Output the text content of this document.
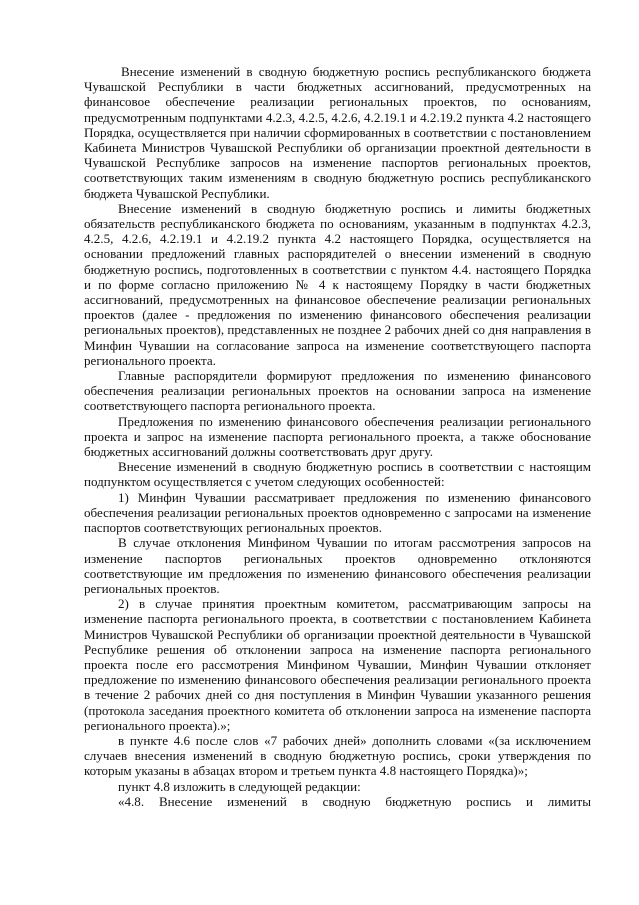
Внесение изменений в сводную бюджетную роспись республиканского бюджета Чувашской Республики в части бюджетных ассигнований, предусмотренных на финансовое обеспечение реализации региональных проектов, по основаниям, предусмотренным подпунктами 4.2.3, 4.2.5, 4.2.6, 4.2.19.1 и 4.2.19.2 пункта 4.2 настоящего Порядка, осуществляется при наличии сформированных в соответствии с постановлением Кабинета Министров Чувашской Республики об организации проектной деятельности в Чувашской Республике запросов на изменение паспортов региональных проектов, соответствующих таким изменениям в сводную бюджетную роспись республиканского бюджета Чувашской Республики.

Внесение изменений в сводную бюджетную роспись и лимиты бюджетных обязательств республиканского бюджета по основаниям, указанным в подпунктах 4.2.3, 4.2.5, 4.2.6, 4.2.19.1 и 4.2.19.2 пункта 4.2 настоящего Порядка, осуществляется на основании предложений главных распорядителей о внесении изменений в сводную бюджетную роспись, подготовленных в соответствии с пунктом 4.4. настоящего Порядка и по форме согласно приложению № 4 к настоящему Порядку в части бюджетных ассигнований, предусмотренных на финансовое обеспечение реализации региональных проектов (далее - предложения по изменению финансового обеспечения реализации региональных проектов), представленных не позднее 2 рабочих дней со дня направления в Минфин Чувашии на согласование запроса на изменение соответствующего паспорта регионального проекта.

Главные распорядители формируют предложения по изменению финансового обеспечения реализации региональных проектов на основании запроса на изменение соответствующего паспорта регионального проекта.

Предложения по изменению финансового обеспечения реализации регионального проекта и запрос на изменение паспорта регионального проекта, а также обоснование бюджетных ассигнований должны соответствовать друг другу.

Внесение изменений в сводную бюджетную роспись в соответствии с настоящим подпунктом осуществляется с учетом следующих особенностей:

1) Минфин Чувашии рассматривает предложения по изменению финансового обеспечения реализации региональных проектов одновременно с запросами на изменение паспортов соответствующих региональных проектов.

В случае отклонения Минфином Чувашии по итогам рассмотрения запросов на изменение паспортов региональных проектов одновременно отклоняются соответствующие им предложения по изменению финансового обеспечения реализации региональных проектов.

2) в случае принятия проектным комитетом, рассматривающим запросы на изменение паспорта регионального проекта, в соответствии с постановлением Кабинета Министров Чувашской Республики об организации проектной деятельности в Чувашской Республике решения об отклонении запроса на изменение паспорта регионального проекта после его рассмотрения Минфином Чувашии, Минфин Чувашии отклоняет предложение по изменению финансового обеспечения реализации регионального проекта в течение 2 рабочих дней со дня поступления в Минфин Чувашии указанного решения (протокола заседания проектного комитета об отклонении запроса на изменение паспорта регионального проекта).»;

в пункте 4.6 после слов «7 рабочих дней» дополнить словами «(за исключением случаев внесения изменений в сводную бюджетную роспись, сроки утверждения по которым указаны в абзацах втором и третьем пункта 4.8 настоящего Порядка)»;

пункт 4.8 изложить в следующей редакции:

«4.8. Внесение изменений в сводную бюджетную роспись и лимиты
